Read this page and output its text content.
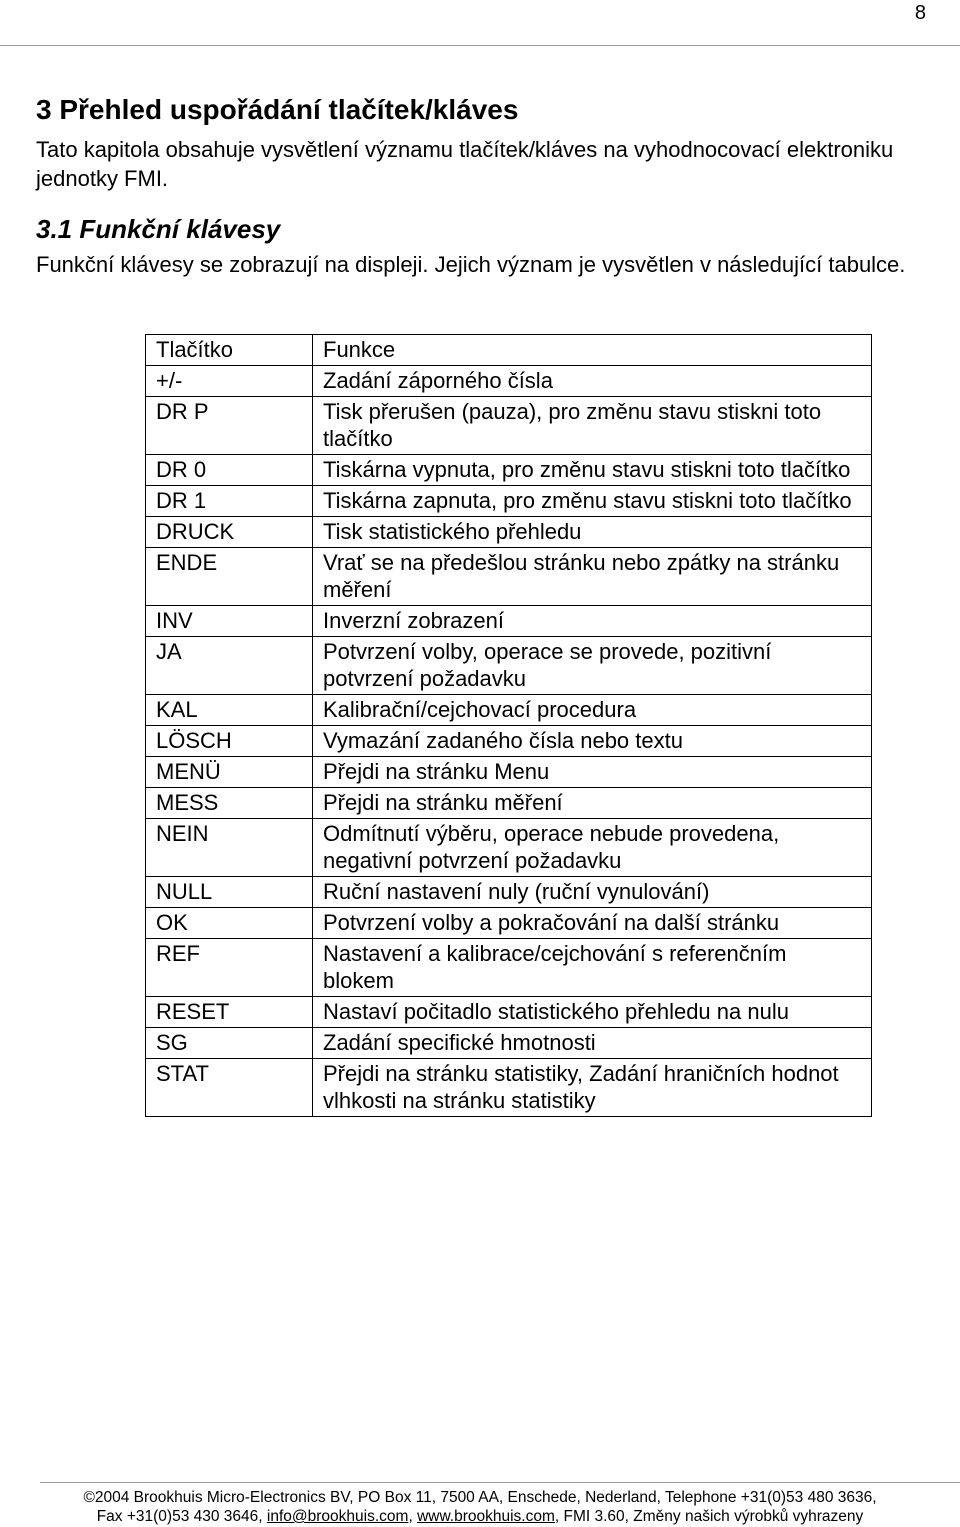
8
3 Přehled uspořádání tlačítek/kláves

Tato kapitola obsahuje vysvětlení významu tlačítek/kláves na vyhodnocovací elektroniku jednotky FMI.

3.1 Funkční klávesy

Funkční klávesy se zobrazují na displeji. Jejich význam je vysvětlen v následující tabulce.

Tlačítko	Funkce
+/-	Zadání záporného čísla
DR P	Tisk přerušen (pauza), pro změnu stavu stiskni toto tlačítko
DR 0	Tiskárna vypnuta, pro změnu stavu stiskni toto tlačítko
DR 1	Tiskárna zapnuta, pro změnu stavu stiskni toto tlačítko
DRUCK	Tisk statistického přehledu
ENDE	Vrať se na předešlou stránku nebo zpátky na stránku měření
INV	Inverzní zobrazení
JA	Potvrzení volby, operace se provede, pozitivní potvrzení požadavku
KAL	Kalibrační/cejchovací procedura
LÖSCH	Vymazání zadaného čísla nebo textu
MENÜ	Přejdi na stránku Menu
MESS	Přejdi na stránku měření
NEIN	Odmítnutí výběru, operace nebude provedena, negativní potvrzení požadavku
NULL	Ruční nastavení nuly (ruční vynulování)
OK	Potvrzení volby a pokračování na další stránku
REF	Nastavení a kalibrace/cejchování s referenčním blokem
RESET	Nastaví počitadlo statistického přehledu na nulu
SG	Zadání specifické hmotnosti
STAT	Přejdi na stránku statistiky, Zadání hraničních hodnot vlhkosti na stránku statistiky
©2004 Brookhuis Micro-Electronics BV, PO Box 11, 7500 AA, Enschede, Nederland, Telephone +31(0)53 480 3636,
Fax +31(0)53 430 3646, info@brookhuis.com, www.brookhuis.com, FMI 3.60, Změny našich výrobků vyhrazeny
